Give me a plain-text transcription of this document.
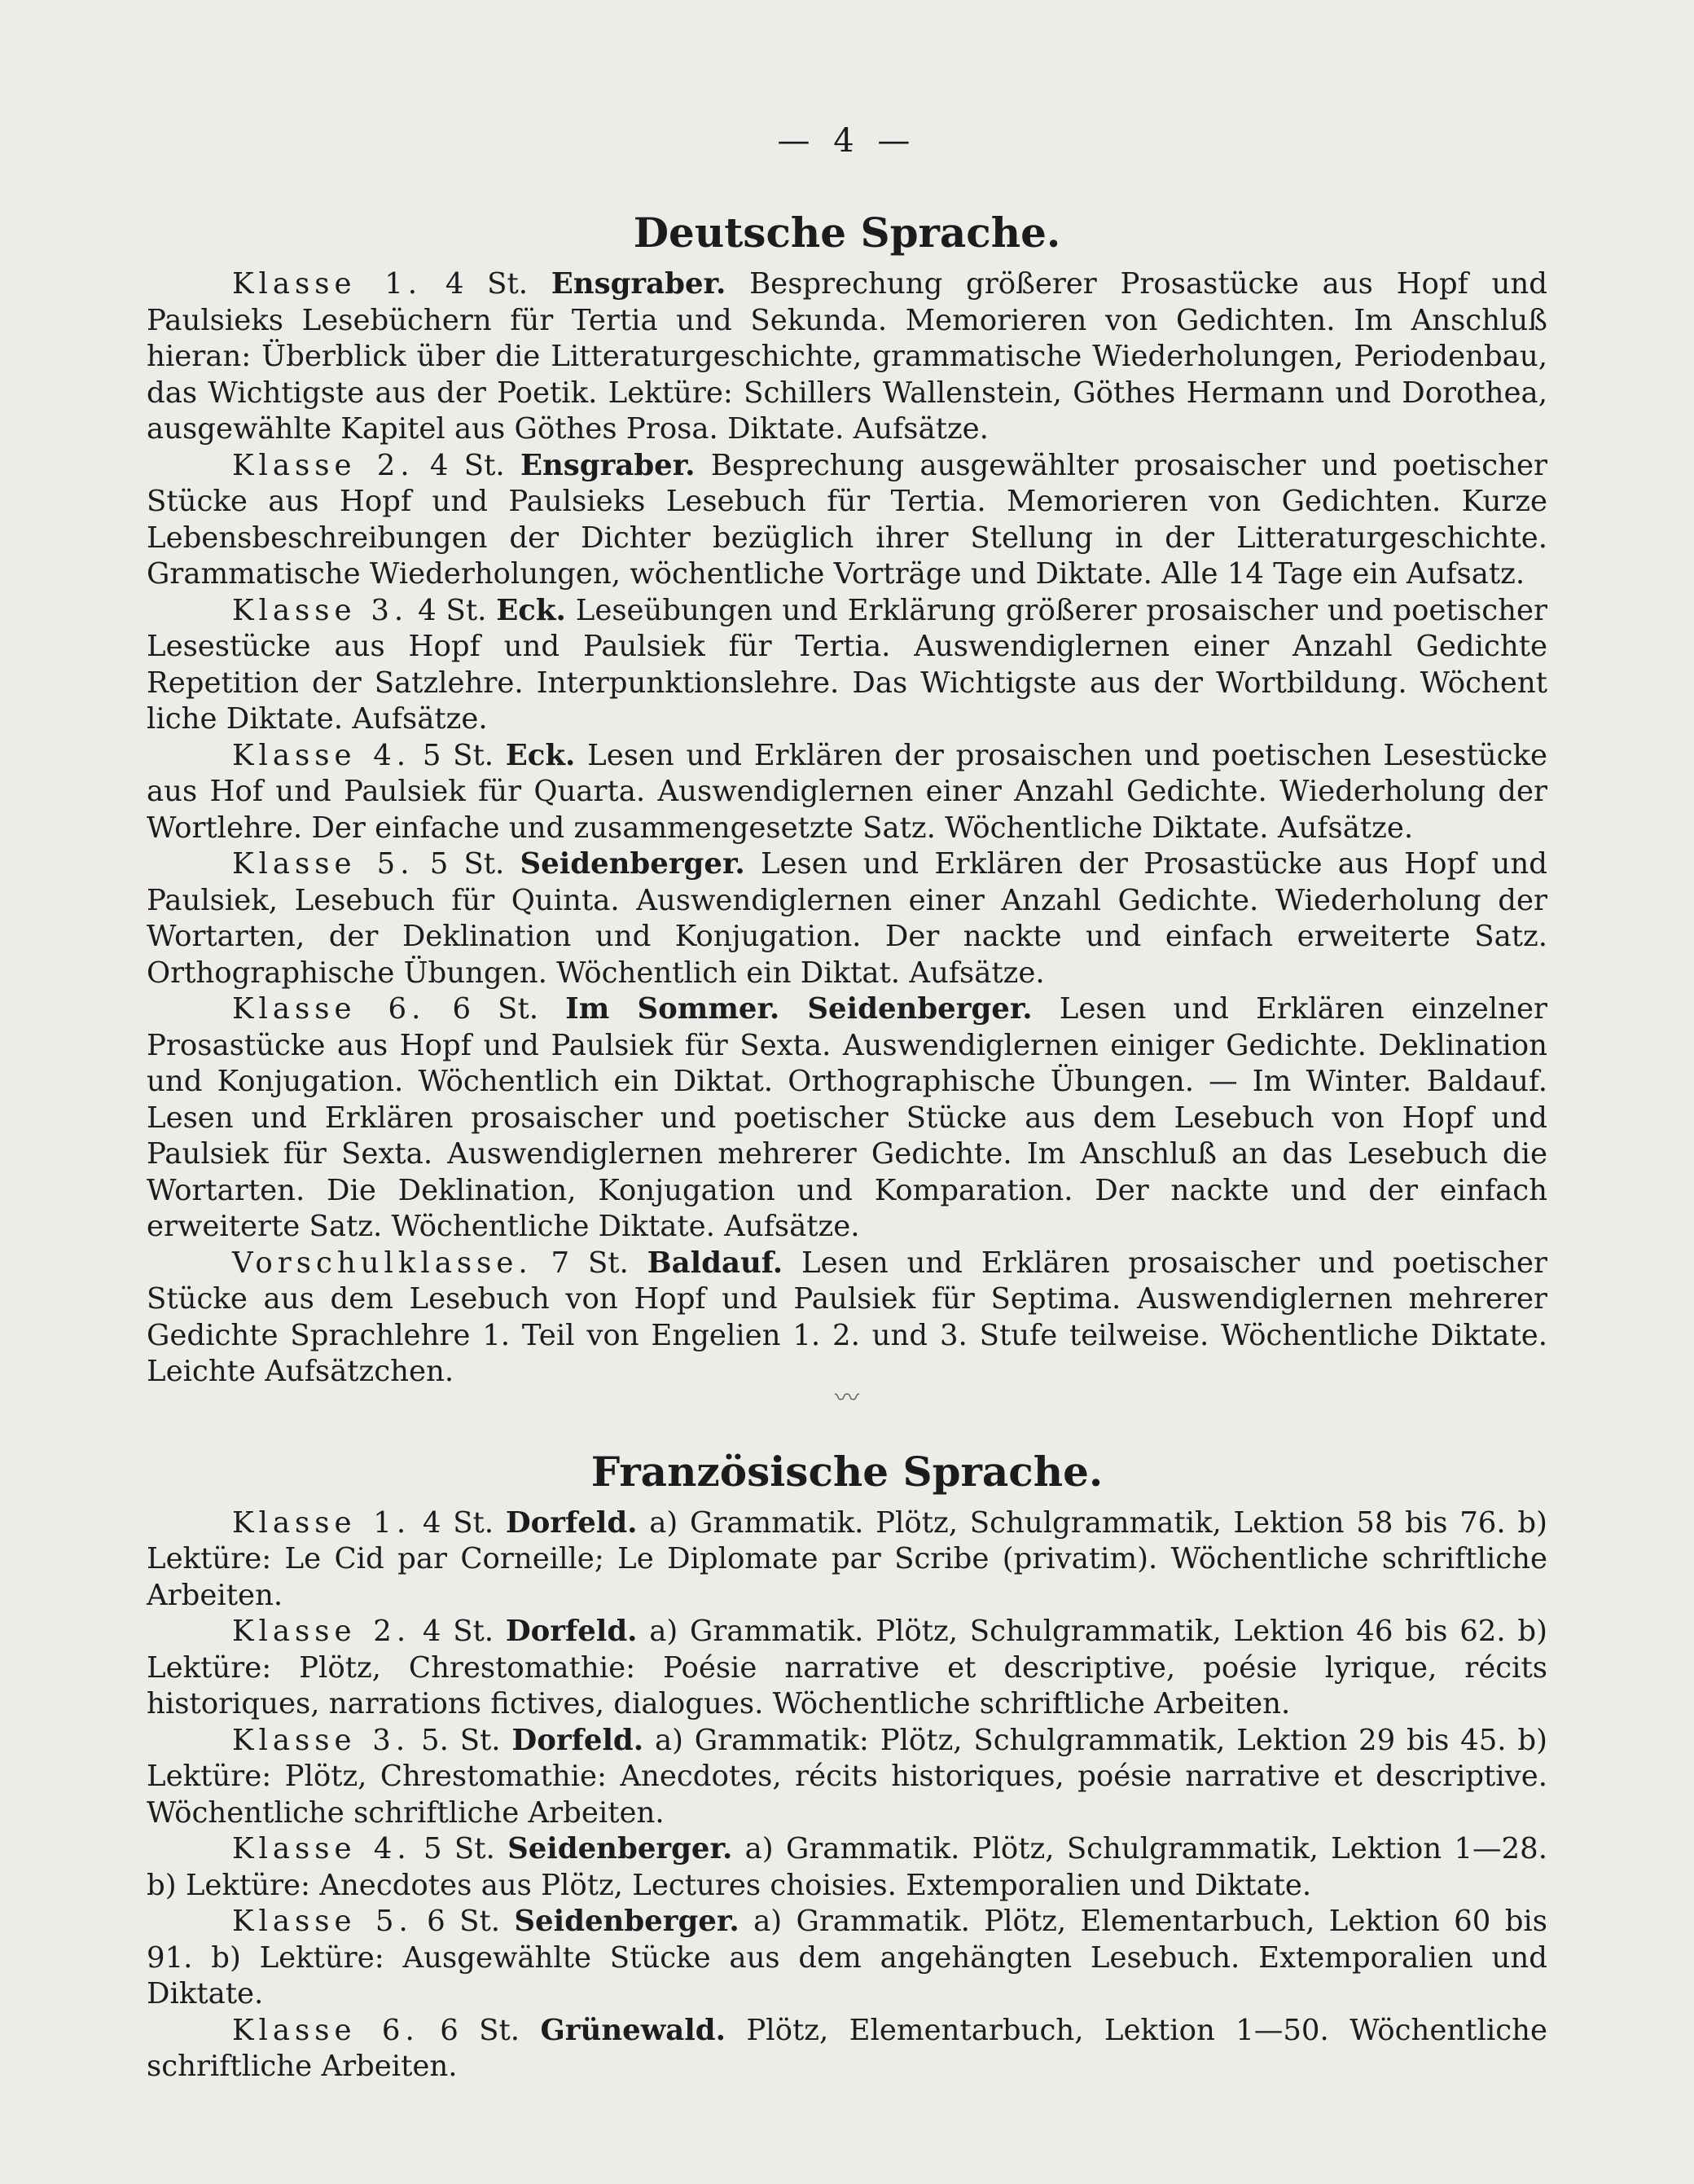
— 4 —
Deutsche Sprache.

Klasse 1. 4 St. Ensgraber. Besprechung größerer Prosastücke aus Hopf und Paulsieks Lesebüchern für Tertia und Sekunda. Memorieren von Gedichten. Im Anschluß hieran: Überblick über die Litteraturgeschichte, grammatische Wiederholungen, Periodenbau, das Wichtigste aus der Poetik. Lektüre: Schillers Wallenstein, Göthes Hermann und Dorothea, ausgewählte Kapitel aus Göthes Prosa. Diktate. Aufsätze.

Klasse 2. 4 St. Ensgraber. Besprechung ausgewählter prosaischer und poetischer Stücke aus Hopf und Paulsieks Lesebuch für Tertia. Memorieren von Gedichten. Kurze Lebensbeschreibungen der Dichter bezüglich ihrer Stellung in der Litteraturgeschichte. Grammatische Wiederholungen, wöchentliche Vorträge und Diktate. Alle 14 Tage ein Aufsatz.

Klasse 3. 4 St. Eck. Leseübungen und Erklärung größerer prosaischer und poetischer Lesestücke aus Hopf und Paulsiek für Tertia. Auswendiglernen einer Anzahl Gedichte Repetition der Satzlehre. Interpunktionslehre. Das Wichtigste aus der Wortbildung. Wöchent liche Diktate. Aufsätze.

Klasse 4. 5 St. Eck. Lesen und Erklären der prosaischen und poetischen Lesestücke aus Hof und Paulsiek für Quarta. Auswendiglernen einer Anzahl Gedichte. Wiederholung der Wortlehre. Der einfache und zusammengesetzte Satz. Wöchentliche Diktate. Aufsätze.

Klasse 5. 5 St. Seidenberger. Lesen und Erklären der Prosastücke aus Hopf und Paulsiek, Lesebuch für Quinta. Auswendiglernen einer Anzahl Gedichte. Wiederholung der Wortarten, der Deklination und Konjugation. Der nackte und einfach erweiterte Satz. Orthographische Übungen. Wöchentlich ein Diktat. Aufsätze.

Klasse 6. 6 St. Im Sommer. Seidenberger. Lesen und Erklären einzelner Prosastücke aus Hopf und Paulsiek für Sexta. Auswendiglernen einiger Gedichte. Deklination und Konjugation. Wöchentlich ein Diktat. Orthographische Übungen. — Im Winter. Baldauf. Lesen und Erklären prosaischer und poetischer Stücke aus dem Lesebuch von Hopf und Paulsiek für Sexta. Auswendiglernen mehrerer Gedichte. Im Anschluß an das Lesebuch die Wortarten. Die Deklination, Konjugation und Komparation. Der nackte und der einfach erweiterte Satz. Wöchentliche Diktate. Aufsätze.

Vorschulklasse. 7 St. Baldauf. Lesen und Erklären prosaischer und poetischer Stücke aus dem Lesebuch von Hopf und Paulsiek für Septima. Auswendiglernen mehrerer Gedichte Sprachlehre 1. Teil von Engelien 1. 2. und 3. Stufe teilweise. Wöchentliche Diktate. Leichte Aufsätzchen.

〰
Französische Sprache.

Klasse 1. 4 St. Dorfeld. a) Grammatik. Plötz, Schulgrammatik, Lektion 58 bis 76. b) Lektüre: Le Cid par Corneille; Le Diplomate par Scribe (privatim). Wöchentliche schriftliche Arbeiten.

Klasse 2. 4 St. Dorfeld. a) Grammatik. Plötz, Schulgrammatik, Lektion 46 bis 62. b) Lektüre: Plötz, Chrestomathie: Poésie narrative et descriptive, poésie lyrique, récits historiques, narrations fictives, dialogues. Wöchentliche schriftliche Arbeiten.

Klasse 3. 5. St. Dorfeld. a) Grammatik: Plötz, Schulgrammatik, Lektion 29 bis 45. b) Lektüre: Plötz, Chrestomathie: Anecdotes, récits historiques, poésie narrative et descriptive. Wöchentliche schriftliche Arbeiten.

Klasse 4. 5 St. Seidenberger. a) Grammatik. Plötz, Schulgrammatik, Lektion 1—28. b) Lektüre: Anecdotes aus Plötz, Lectures choisies. Extemporalien und Diktate.

Klasse 5. 6 St. Seidenberger. a) Grammatik. Plötz, Elementarbuch, Lektion 60 bis 91. b) Lektüre: Ausgewählte Stücke aus dem angehängten Lesebuch. Extemporalien und Diktate.

Klasse 6. 6 St. Grünewald. Plötz, Elementarbuch, Lektion 1—50. Wöchentliche schriftliche Arbeiten.
